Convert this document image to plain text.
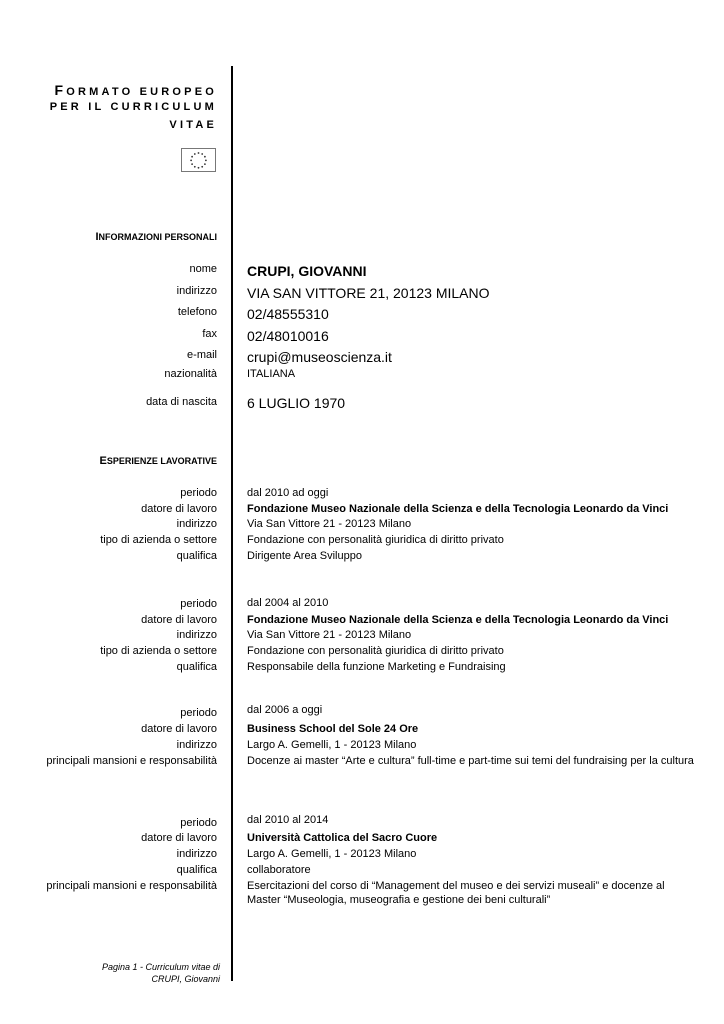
FORMATO EUROPEO
PER IL CURRICULUM
VITAE
INFORMAZIONI PERSONALI
nome CRUPI, GIOVANNI
indirizzo VIA SAN VITTORE 21, 20123 MILANO
telefono 02/48555310
fax 02/48010016
e-mail crupi@museoscienza.it
nazionalità	ITALIANA
data di nascita 6 LUGLIO 1970
ESPERIENZE LAVORATIVE
periodo	dal 2010 ad oggi
datore di lavoro	Fondazione Museo Nazionale della Scienza e della Tecnologia Leonardo da Vinci
indirizzo	Via San Vittore 21 - 20123 Milano
tipo di azienda o settore	Fondazione con personalità giuridica di diritto privato
qualifica	Dirigente Area Sviluppo
periodo	dal 2004 al 2010
datore di lavoro	Fondazione Museo Nazionale della Scienza e della Tecnologia Leonardo da Vinci
indirizzo	Via San Vittore 21 - 20123 Milano
tipo di azienda o settore	Fondazione con personalità giuridica di diritto privato
qualifica	Responsabile della funzione Marketing e Fundraising
periodo	dal 2006 a oggi
datore di lavoro	Business School del Sole 24 Ore
indirizzo	Largo A. Gemelli, 1 - 20123 Milano
principali mansioni e responsabilità	Docenze ai master “Arte e cultura” full-time e part-time sui temi del fundraising per la cultura
periodo	dal 2010 al 2014
datore di lavoro	Università Cattolica del Sacro Cuore
indirizzo	Largo A. Gemelli, 1 - 20123 Milano
qualifica	collaboratore
principali mansioni e responsabilità	Esercitazioni del corso di “Management del museo e dei servizi museali” e docenze al Master “Museologia, museografia e gestione dei beni culturali”
Pagina 1 - Curriculum vitae di
CRUPI, Giovanni
